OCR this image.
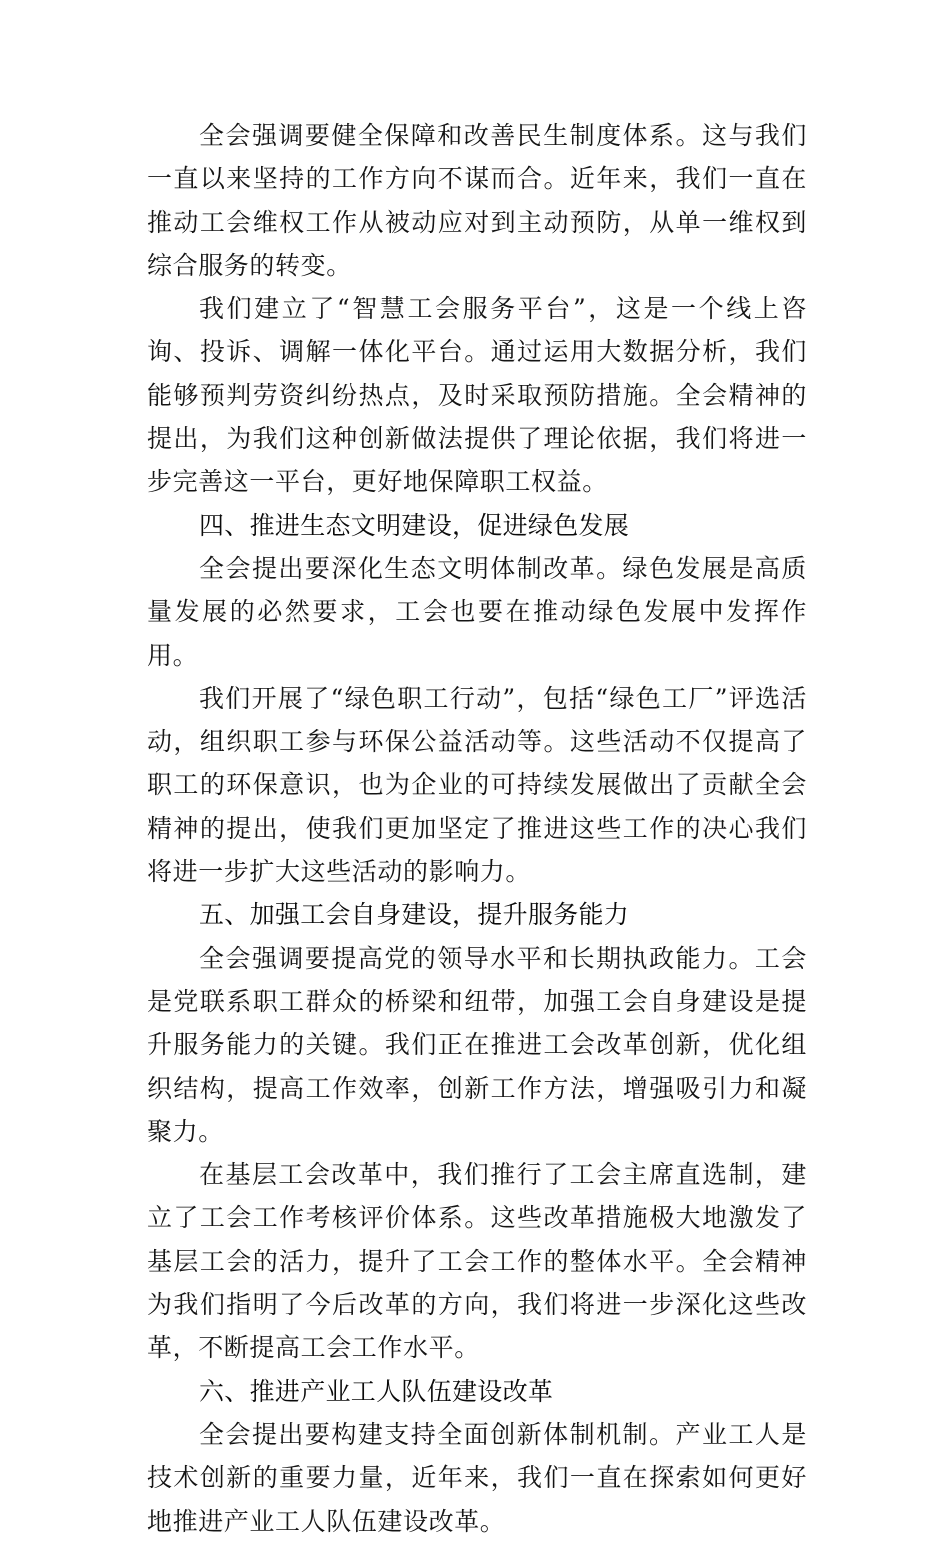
全会强调要健全保障和改善民生制度体系。这与我们一直以来坚持的工作方向不谋而合。近年来，我们一直在推动工会维权工作从被动应对到主动预防，从单一维权到综合服务的转变。

我们建立了“智慧工会服务平台”，这是一个线上咨询、投诉、调解一体化平台。通过运用大数据分析，我们能够预判劳资纠纷热点，及时采取预防措施。全会精神的提出，为我们这种创新做法提供了理论依据，我们将进一步完善这一平台，更好地保障职工权益。

四、推进生态文明建设，促进绿色发展

全会提出要深化生态文明体制改革。绿色发展是高质量发展的必然要求，工会也要在推动绿色发展中发挥作用。

我们开展了“绿色职工行动”，包括“绿色工厂”评选活动，组织职工参与环保公益活动等。这些活动不仅提高了职工的环保意识，也为企业的可持续发展做出了贡献全会精神的提出，使我们更加坚定了推进这些工作的决心我们将进一步扩大这些活动的影响力。

五、加强工会自身建设，提升服务能力

全会强调要提高党的领导水平和长期执政能力。工会是党联系职工群众的桥梁和纽带，加强工会自身建设是提升服务能力的关键。我们正在推进工会改革创新，优化组织结构，提高工作效率，创新工作方法，增强吸引力和凝聚力。

在基层工会改革中，我们推行了工会主席直选制，建立了工会工作考核评价体系。这些改革措施极大地激发了基层工会的活力，提升了工会工作的整体水平。全会精神为我们指明了今后改革的方向，我们将进一步深化这些改革，不断提高工会工作水平。

六、推进产业工人队伍建设改革

全会提出要构建支持全面创新体制机制。产业工人是技术创新的重要力量，近年来，我们一直在探索如何更好地推进产业工人队伍建设改革。
